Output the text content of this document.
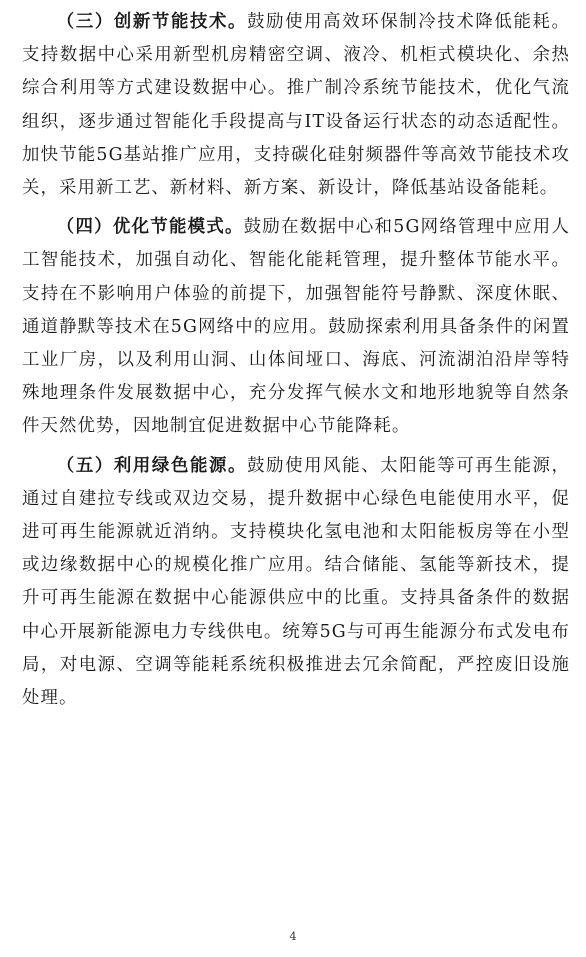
（三）创新节能技术。鼓励使用高效环保制冷技术降低能耗。支持数据中心采用新型机房精密空调、液冷、机柜式模块化、余热综合利用等方式建设数据中心。推广制冷系统节能技术，优化气流组织，逐步通过智能化手段提高与IT设备运行状态的动态适配性。加快节能5G基站推广应用，支持碳化硅射频器件等高效节能技术攻关，采用新工艺、新材料、新方案、新设计，降低基站设备能耗。

（四）优化节能模式。鼓励在数据中心和5G网络管理中应用人工智能技术，加强自动化、智能化能耗管理，提升整体节能水平。支持在不影响用户体验的前提下，加强智能符号静默、深度休眠、通道静默等技术在5G网络中的应用。鼓励探索利用具备条件的闲置工业厂房，以及利用山洞、山体间垭口、海底、河流湖泊沿岸等特殊地理条件发展数据中心，充分发挥气候水文和地形地貌等自然条件天然优势，因地制宜促进数据中心节能降耗。

（五）利用绿色能源。鼓励使用风能、太阳能等可再生能源，通过自建拉专线或双边交易，提升数据中心绿色电能使用水平，促进可再生能源就近消纳。支持模块化氢电池和太阳能板房等在小型或边缘数据中心的规模化推广应用。结合储能、氢能等新技术，提升可再生能源在数据中心能源供应中的比重。支持具备条件的数据中心开展新能源电力专线供电。统筹5G与可再生能源分布式发电布局，对电源、空调等能耗系统积极推进去冗余简配，严控废旧设施处理。

4
